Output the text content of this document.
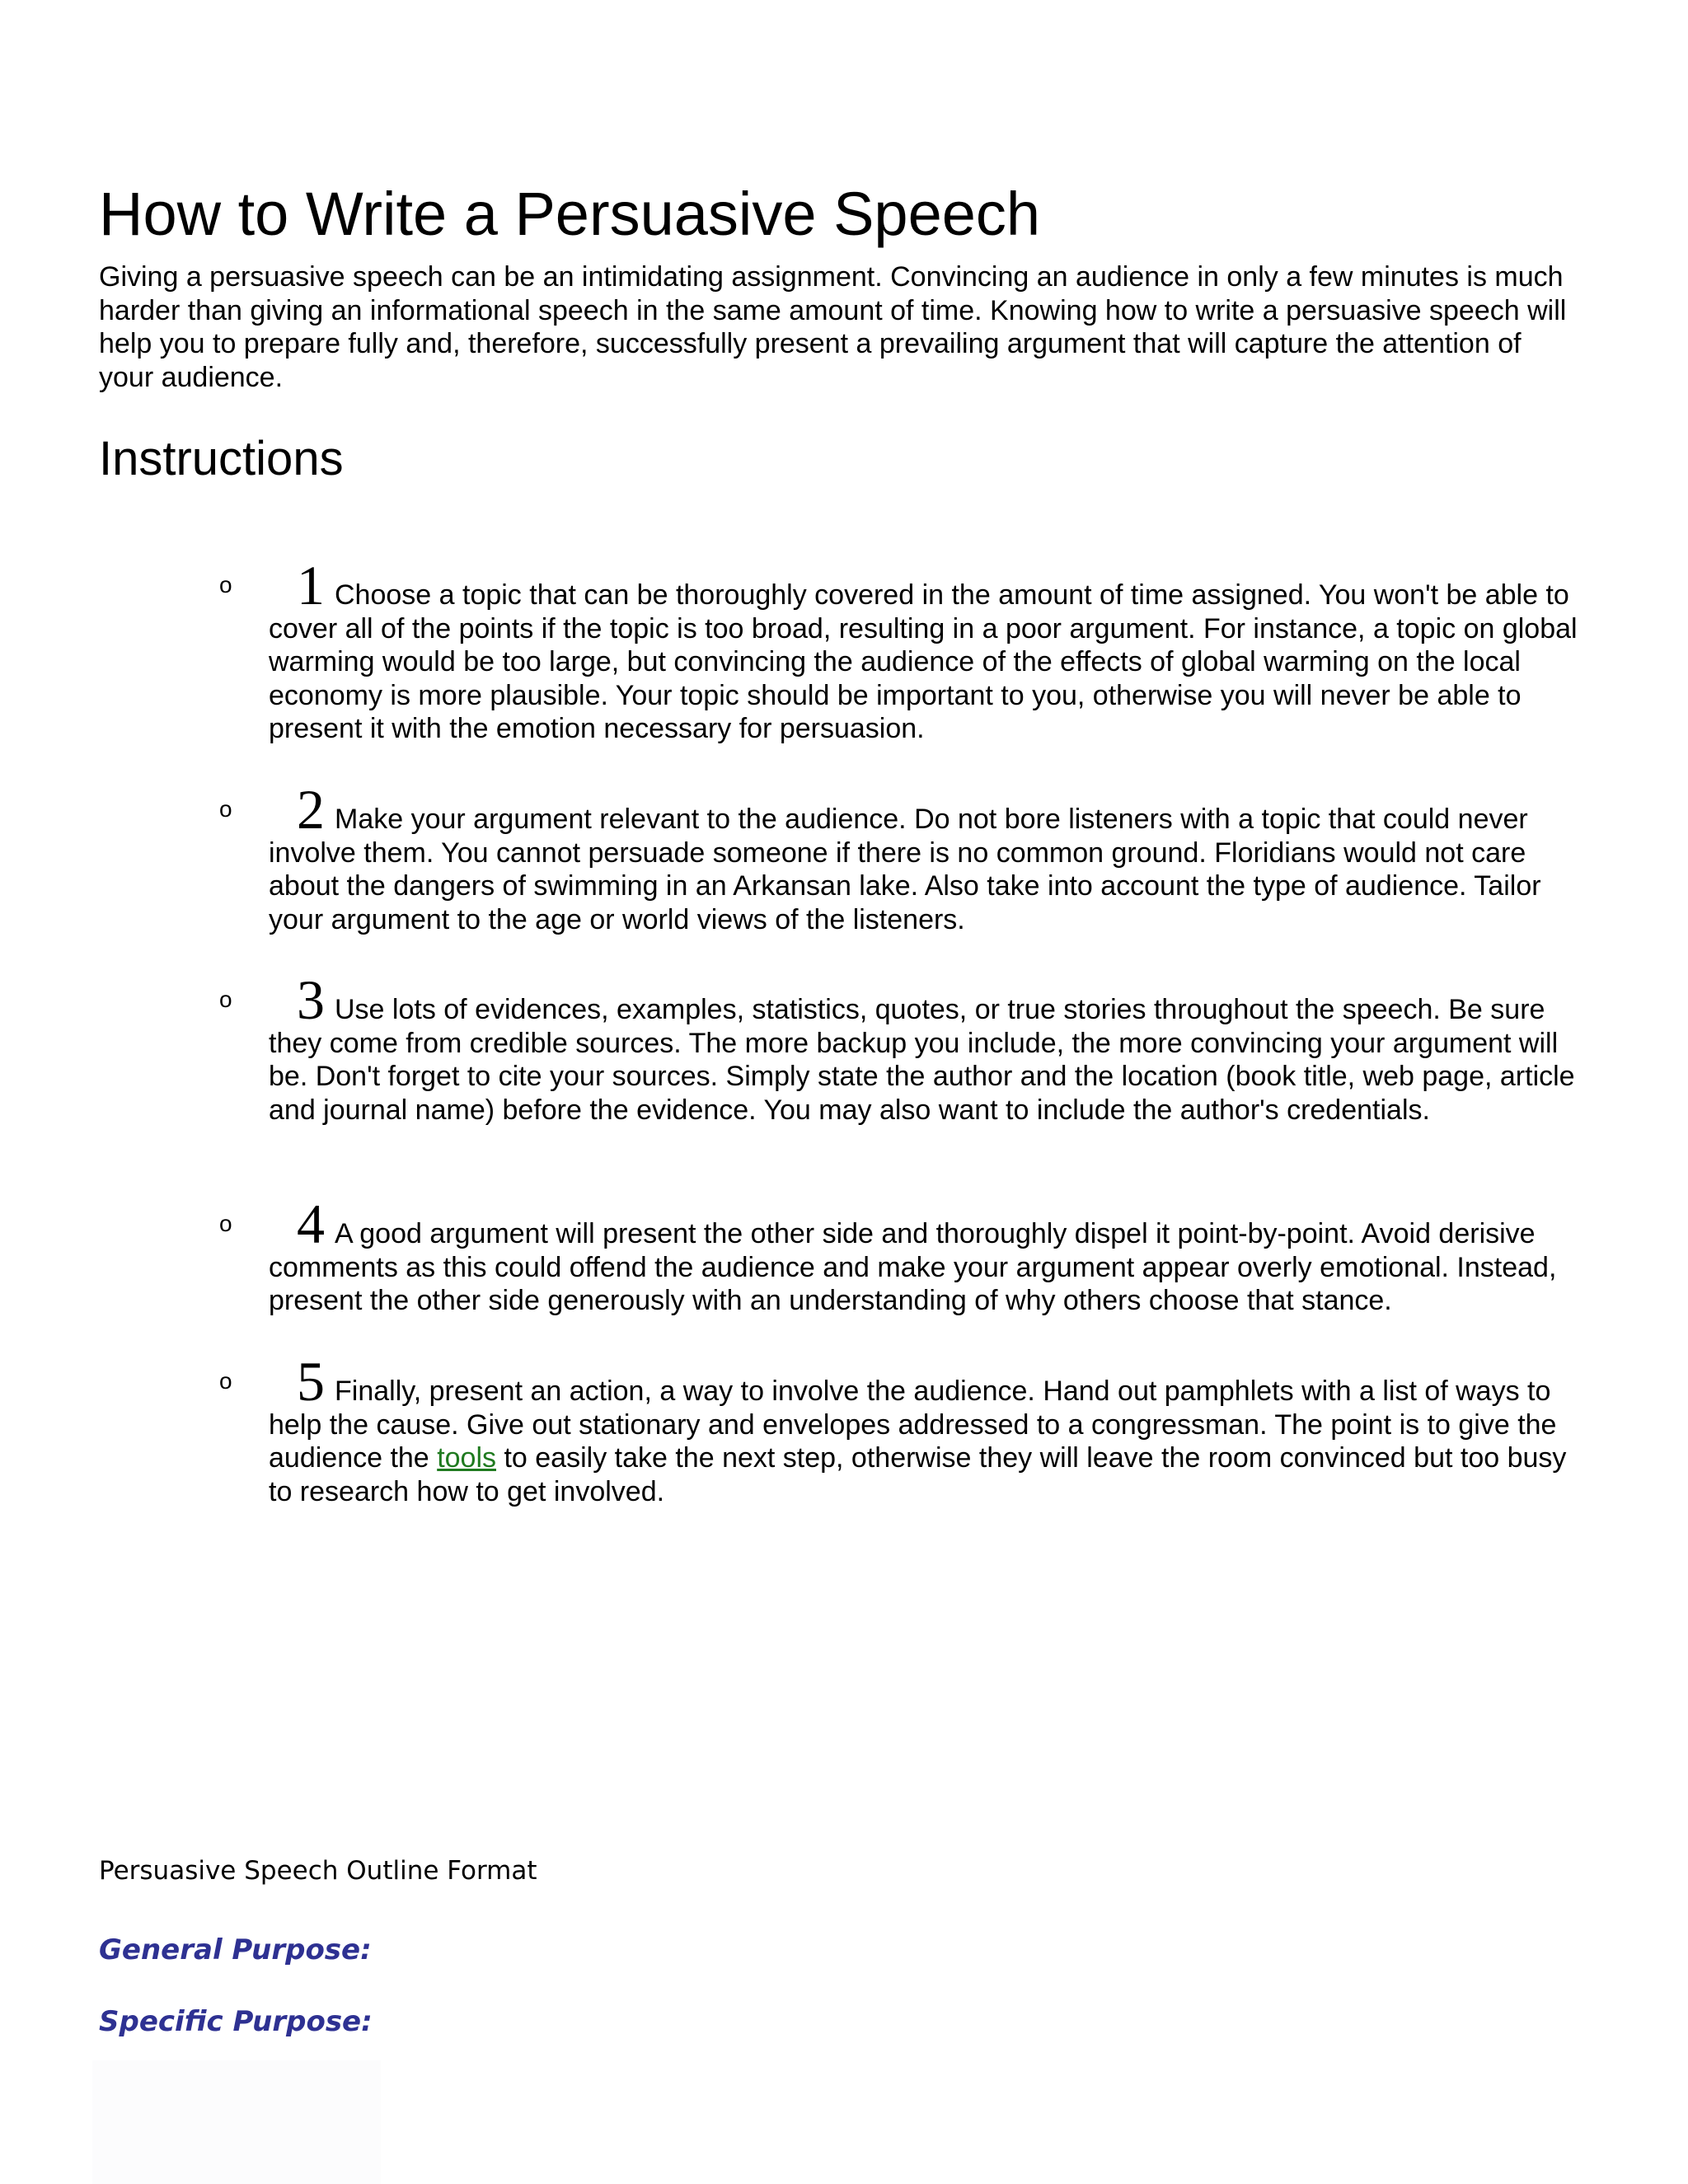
How to Write a Persuasive Speech

Giving a persuasive speech can be an intimidating assignment. Convincing an audience in only a few minutes is much harder than giving an informational speech in the same amount of time. Knowing how to write a persuasive speech will help you to prepare fully and, therefore, successfully present a prevailing argument that will capture the attention of your audience.

Instructions
o 1 Choose a topic that can be thoroughly covered in the amount of time assigned. You won't be able to cover all of the points if the topic is too broad, resulting in a poor argument. For instance, a topic on global warming would be too large, but convincing the audience of the effects of global warming on the local economy is more plausible. Your topic should be important to you, otherwise you will never be able to present it with the emotion necessary for persuasion.
o 2 Make your argument relevant to the audience. Do not bore listeners with a topic that could never involve them. You cannot persuade someone if there is no common ground. Floridians would not care about the dangers of swimming in an Arkansan lake. Also take into account the type of audience. Tailor your argument to the age or world views of the listeners.
o 3 Use lots of evidences, examples, statistics, quotes, or true stories throughout the speech. Be sure they come from credible sources. The more backup you include, the more convincing your argument will be. Don't forget to cite your sources. Simply state the author and the location (book title, web page, article and journal name) before the evidence. You may also want to include the author's credentials.
o 4 A good argument will present the other side and thoroughly dispel it point-by-point. Avoid derisive comments as this could offend the audience and make your argument appear overly emotional. Instead, present the other side generously with an understanding of why others choose that stance.
o 5 Finally, present an action, a way to involve the audience. Hand out pamphlets with a list of ways to help the cause. Give out stationary and envelopes addressed to a congressman. The point is to give the audience the tools to easily take the next step, otherwise they will leave the room convinced but too busy to research how to get involved.

Persuasive Speech Outline Format

General Purpose:

Specific Purpose:
